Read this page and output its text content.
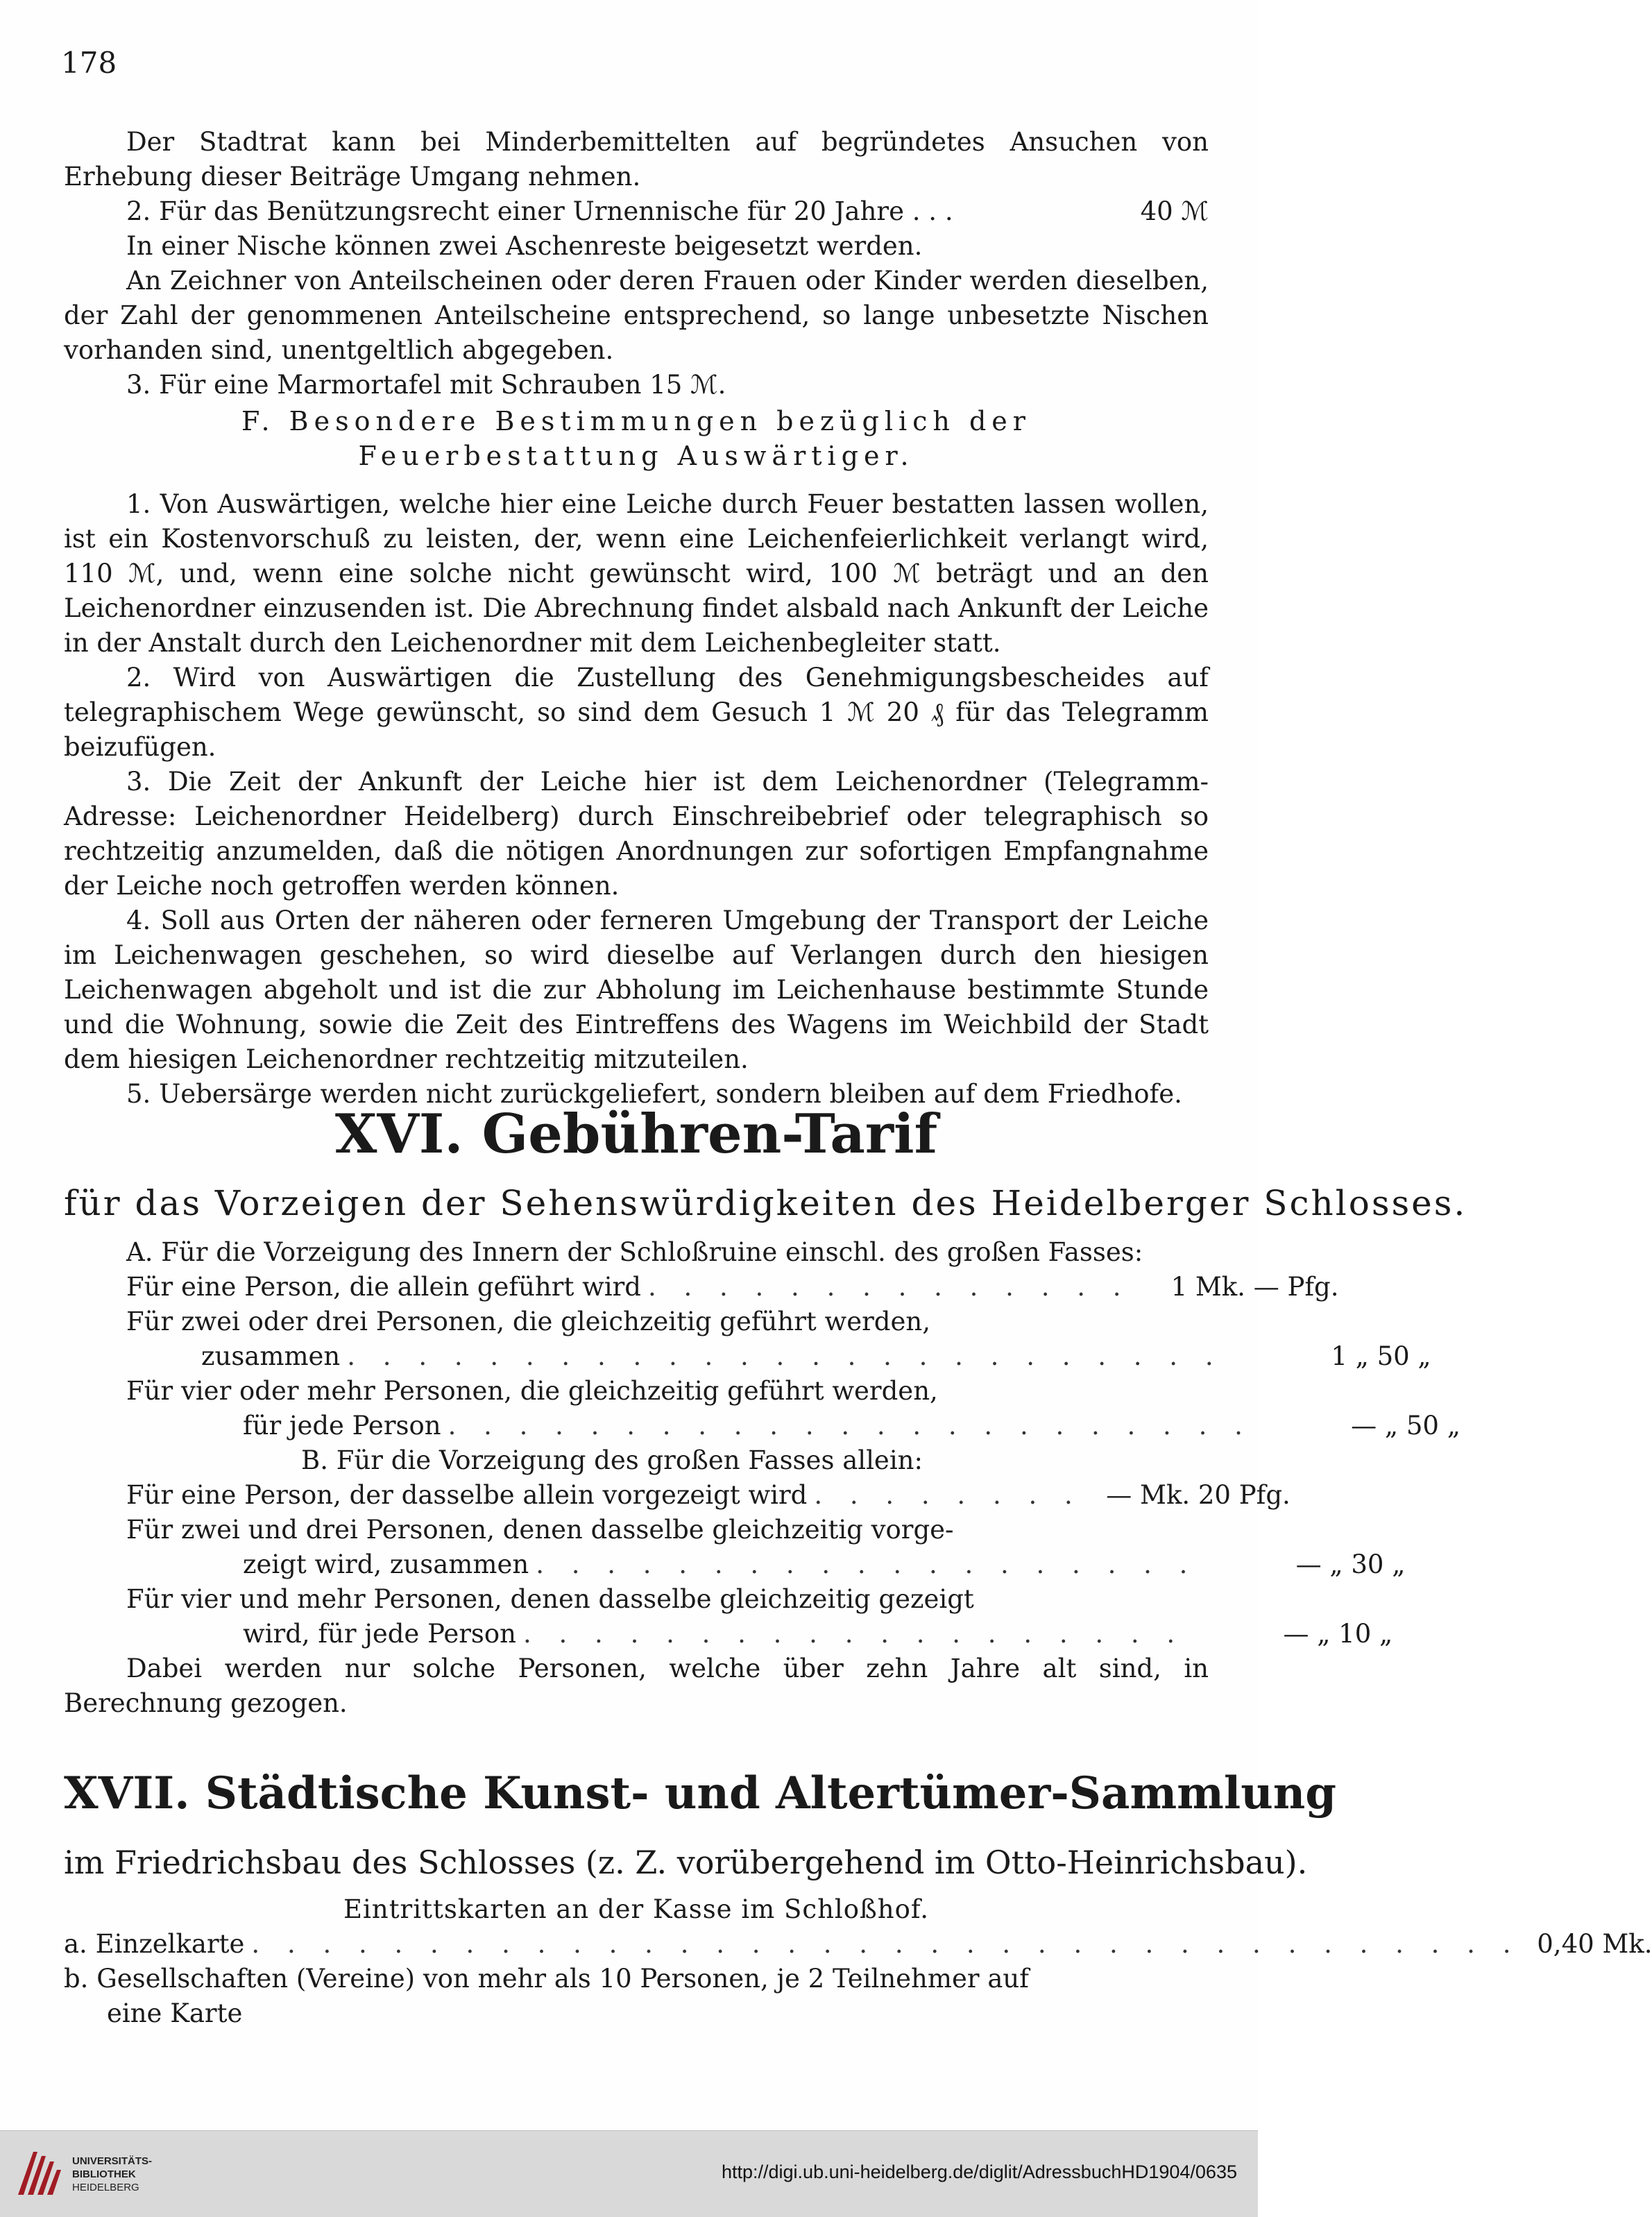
178

Der Stadtrat kann bei Minderbemittelten auf begründetes Ansuchen von Erhebung dieser Beiträge Umgang nehmen.

2. Für das Benützungsrecht einer Urnennische für 20 Jahre . . .	40 ℳ

In einer Nische können zwei Aschenreste beigesetzt werden.

An Zeichner von Anteilscheinen oder deren Frauen oder Kinder werden dieselben, der Zahl der genommenen Anteilscheine entsprechend, so lange unbesetzte Nischen vorhanden sind, unentgeltlich abgegeben.

3. Für eine Marmortafel mit Schrauben 15 ℳ.

F. Besondere Bestimmungen bezüglich der Feuerbestattung Auswärtiger.

1. Von Auswärtigen, welche hier eine Leiche durch Feuer bestatten lassen wollen, ist ein Kostenvorschuß zu leisten, der, wenn eine Leichenfeierlichkeit verlangt wird, 110 ℳ, und, wenn eine solche nicht gewünscht wird, 100 ℳ beträgt und an den Leichenordner einzusenden ist. Die Abrechnung findet alsbald nach Ankunft der Leiche in der Anstalt durch den Leichenordner mit dem Leichenbegleiter statt.

2. Wird von Auswärtigen die Zustellung des Genehmigungsbescheides auf telegraphischem Wege gewünscht, so sind dem Gesuch 1 ℳ 20 ₰ für das Telegramm beizufügen.

3. Die Zeit der Ankunft der Leiche hier ist dem Leichenordner (Telegramm-Adresse: Leichenordner Heidelberg) durch Einschreibebrief oder telegraphisch so rechtzeitig anzumelden, daß die nötigen Anordnungen zur sofortigen Empfangnahme der Leiche noch getroffen werden können.

4. Soll aus Orten der näheren oder ferneren Umgebung der Transport der Leiche im Leichenwagen geschehen, so wird dieselbe auf Verlangen durch den hiesigen Leichenwagen abgeholt und ist die zur Abholung im Leichenhause bestimmte Stunde und die Wohnung, sowie die Zeit des Eintreffens des Wagens im Weichbild der Stadt dem hiesigen Leichenordner rechtzeitig mitzuteilen.

5. Uebersärge werden nicht zurückgeliefert, sondern bleiben auf dem Friedhofe.

XVI. Gebühren-Tarif
für das Vorzeigen der Sehenswürdigkeiten des Heidelberger Schlosses.

A. Für die Vorzeigung des Innern der Schloßruine einschl. des großen Fasses:

Für eine Person, die allein geführt wird . . . . . . . . . . . . . .	1 Mk. — Pfg.

Für zwei oder drei Personen, die gleichzeitig geführt werden,

zusammen . . . . . . . . . . . . . . . . . . . . . . . . .	1 „ 50 „

Für vier oder mehr Personen, die gleichzeitig geführt werden,

für jede Person . . . . . . . . . . . . . . . . . . . . . . .	— „ 50 „

B. Für die Vorzeigung des großen Fasses allein:

Für eine Person, der dasselbe allein vorgezeigt wird . . . . . . . . — Mk. 20 Pfg.

Für zwei und drei Personen, denen dasselbe gleichzeitig vorge-

zeigt wird, zusammen . . . . . . . . . . . . . . . . . . .	— „ 30 „

Für vier und mehr Personen, denen dasselbe gleichzeitig gezeigt

wird, für jede Person . . . . . . . . . . . . . . . . . . .	— „ 10 „

Dabei werden nur solche Personen, welche über zehn Jahre alt sind, in Berechnung gezogen.

XVII. Städtische Kunst- und Altertümer-Sammlung
im Friedrichsbau des Schlosses (z. Z. vorübergehend im Otto-Heinrichsbau).

Eintrittskarten an der Kasse im Schloßhof.

a. Einzelkarte . . . . . . . . . . . . . . . . . . . . . . . . . . . . . . . . . . . . 0,40 Mk.

b. Gesellschaften (Vereine) von mehr als 10 Personen, je 2 Teilnehmer auf

eine Karte

UNIVERSITÄTS-
BIBLIOTHEK
HEIDELBERG
http://digi.ub.uni-heidelberg.de/diglit/AdressbuchHD1904/0635
